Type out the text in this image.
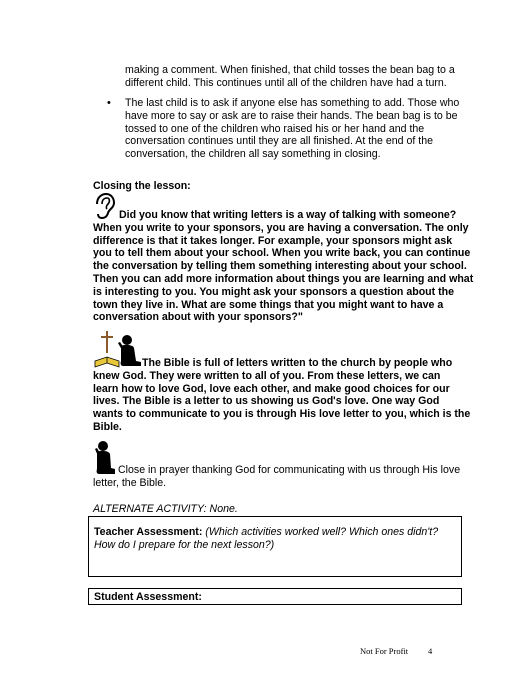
making a comment. When finished, that child tosses the bean bag to a
different child. This continues until all of the children have had a turn.
• The last child is to ask if anyone else has something to add. Those who
have more to say or ask are to raise their hands. The bean bag is to be
tossed to one of the children who raised his or her hand and the
conversation continues until they are all finished. At the end of the
conversation, the children all say something in closing.
Closing the lesson:
Did you know that writing letters is a way of talking with someone?
When you write to your sponsors, you are having a conversation. The only
difference is that it takes longer. For example, your sponsors might ask
you to tell them about your school. When you write back, you can continue
the conversation by telling them something interesting about your school.
Then you can add more information about things you are learning and what
is interesting to you. You might ask your sponsors a question about the
town they live in. What are some things that you might want to have a
conversation about with your sponsors?"
The Bible is full of letters written to the church by people who
knew God. They were written to all of you. From these letters, we can
learn how to love God, love each other, and make good choices for our
lives. The Bible is a letter to us showing us God's love. One way God
wants to communicate to you is through His love letter to you, which is the
Bible.
Close in prayer thanking God for communicating with us through His love
letter, the Bible.
ALTERNATE ACTIVITY: None.
Teacher Assessment: (Which activities worked well? Which ones didn't?
How do I prepare for the next lesson?)
Student Assessment:
Not For Profit 4
